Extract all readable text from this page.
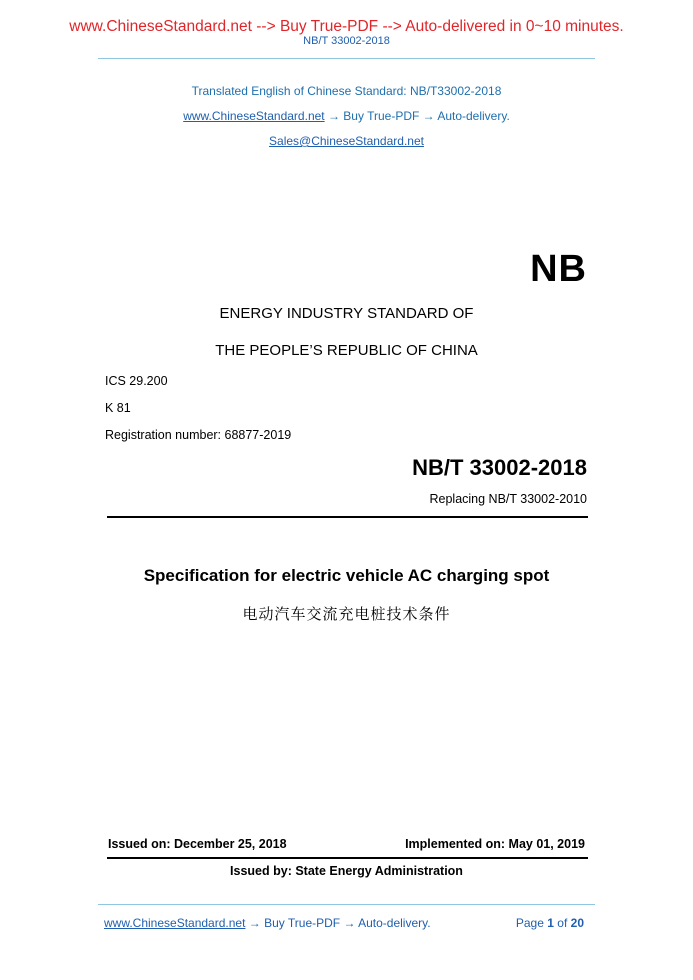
www.ChineseStandard.net --> Buy True-PDF --> Auto-delivered in 0~10 minutes.
NB/T 33002-2018
Translated English of Chinese Standard: NB/T33002-2018
www.ChineseStandard.net → Buy True-PDF → Auto-delivery.
Sales@ChineseStandard.net
NB
ENERGY INDUSTRY STANDARD OF
THE PEOPLE’S REPUBLIC OF CHINA
ICS 29.200
K 81
Registration number: 68877-2019
NB/T 33002-2018
Replacing NB/T 33002-2010
Specification for electric vehicle AC charging spot
电动汽车交流充电桩技术条件
Issued on: December 25, 2018	Implemented on: May 01, 2019
Issued by: State Energy Administration
www.ChineseStandard.net → Buy True-PDF → Auto-delivery.	Page 1 of 20
